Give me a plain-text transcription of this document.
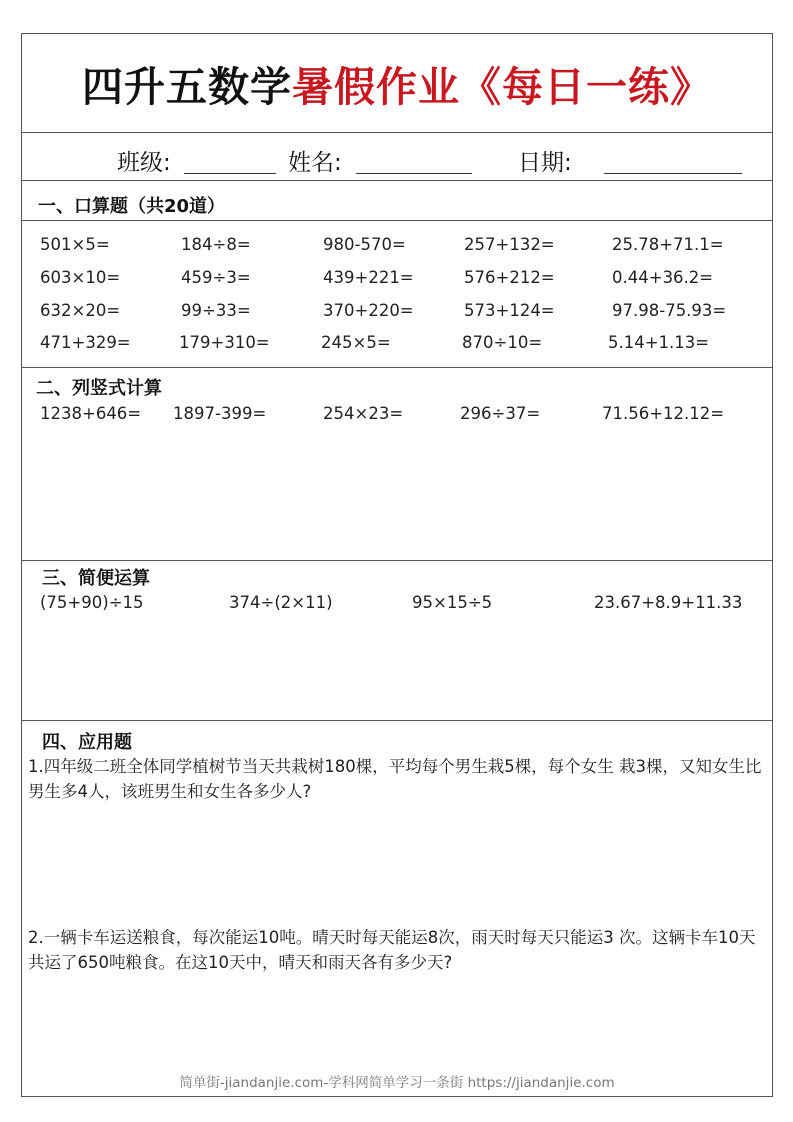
四升五数学 暑假作业《每日一练》
班级:	姓名:	日期:
一、口算题（共20道）
501×5=	184÷8=	980-570=	257+132=	25.78+71.1=
603×10=	459÷3=	439+221=	576+212=	0.44+36.2=
632×20=	99÷33=	370+220=	573+124=	97.98-75.93=
471+329=	179+310=	245×5=	870÷10=	5.14+1.13=
二、列竖式计算
1238+646= 1897-399=	254×23=	296÷37=	71.56+12.12=
三、简便运算
(75+90)÷15	374÷(2×11)	95×15÷5	23.67+8.9+11.33
四、应用题
1.四年级二班全体同学植树节当天共栽树180棵，平均每个男生栽5棵，每个女生 栽3棵，又知女生比男生多4人，该班男生和女生各多少人?
2.一辆卡车运送粮食，每次能运10吨。晴天时每天能运8次，雨天时每天只能运3 次。这辆卡车10天共运了650吨粮食。在这10天中，晴天和雨天各有多少天?
简单街-jiandanjie.com-学科网简单学习一条街 https://jiandanjie.com
